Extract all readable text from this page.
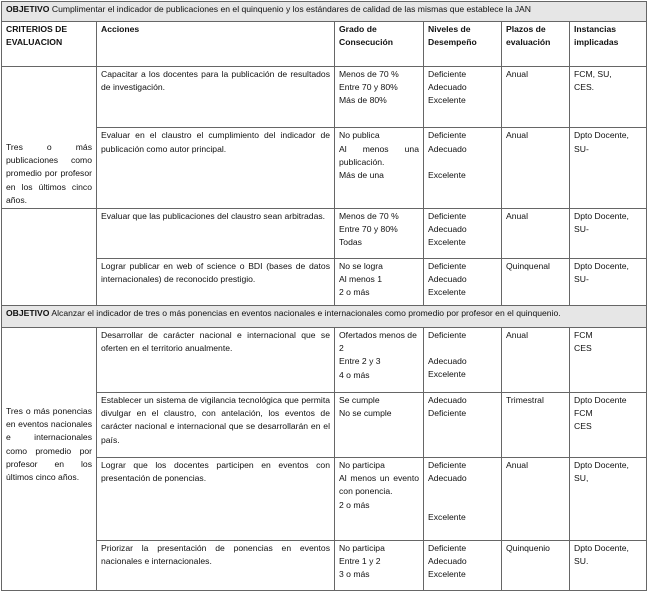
OBJETIVO Cumplimentar el indicador de publicaciones en el quinquenio y los estándares de calidad de las mismas que establece la JAN					
CRITERIOS DE EVALUACION	Acciones	Grado de Consecución	Niveles de Desempeño	Plazos de evaluación	Instancias implicadas
Tres o más publicaciones como promedio por profesor en los últimos cinco años.	Capacitar a los docentes para la publicación de resultados de investigación.	Menos de 70 %
Entre 70 y 80%
Más de 80%	Deficiente
Adecuado
Excelente	Anual	FCM, SU,
CES.

	Evaluar en el claustro el cumplimiento del indicador de publicación como autor principal.	No publica
Al menos una publicación.
Más de una	Deficiente
Adecuado
Excelente	Anual	Dpto Docente,
SU-

	Evaluar que las publicaciones del claustro sean arbitradas.	Menos de 70 %
Entre 70 y 80%
Todas	Deficiente
Adecuado
Excelente	Anual	Dpto Docente,
SU-

	Lograr publicar en web of science o BDI (bases de datos internacionales) de reconocido prestigio.	No se logra
Al menos 1
2 o más	Deficiente
Adecuado
Excelente	Quinquenal	Dpto Docente,
SU-

OBJETIVO Alcanzar el indicador de tres o más ponencias en eventos nacionales e internacionales como promedio por profesor en el quinquenio.					
Tres o más ponencias en eventos nacionales e internacionales como promedio por profesor en los últimos cinco años.	Desarrollar de carácter nacional e internacional que se oferten en el territorio anualmente.	Ofertados menos de 2
Entre 2 y 3
4 o más	Deficiente
Adecuado
Excelente	Anual	FCM
CES

	Establecer un sistema de vigilancia tecnológica que permita divulgar en el claustro, con antelación, los eventos de carácter nacional e internacional que se desarrollarán en el país.	Se cumple
No se cumple	Adecuado
Deficiente	Trimestral	Dpto Docente
FCM
CES

	Lograr que los docentes participen en eventos con presentación de ponencias.	No participa
Al menos un evento con ponencia.
2 o más	Deficiente
Adecuado
Excelente	Anual	Dpto Docente,
SU,

	Priorizar la presentación de ponencias en eventos nacionales e internacionales.	No participa
Entre 1 y 2
3 o más	Deficiente
Adecuado
Excelente	Quinquenio	Dpto Docente,
SU.
